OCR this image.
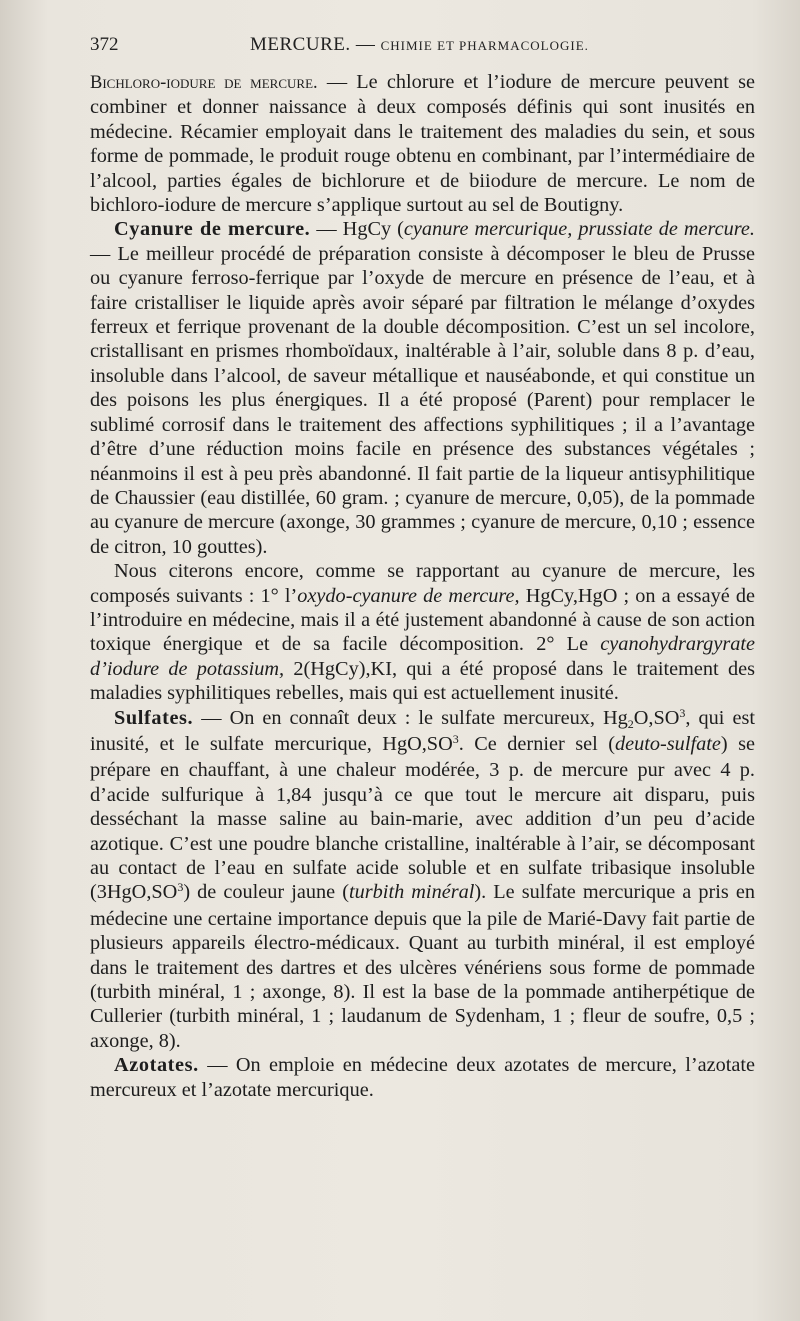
372	MERCURE. — CHIMIE ET PHARMACOLOGIE.

Bichloro-iodure de mercure. — Le chlorure et l’iodure de mercure peuvent se combiner et donner naissance à deux composés définis qui sont inusités en médecine. Récamier employait dans le traitement des maladies du sein, et sous forme de pommade, le produit rouge obtenu en combinant, par l’intermédiaire de l’alcool, parties égales de bichlorure et de biiodure de mercure. Le nom de bichloro-iodure de mercure s’applique surtout au sel de Boutigny.

Cyanure de mercure. — HgCy (cyanure mercurique, prussiate de mercure. — Le meilleur procédé de préparation consiste à décomposer le bleu de Prusse ou cyanure ferroso-ferrique par l’oxyde de mercure en présence de l’eau, et à faire cristalliser le liquide après avoir séparé par filtration le mélange d’oxydes ferreux et ferrique provenant de la double décomposition. C’est un sel incolore, cristallisant en prismes rhomboïdaux, inaltérable à l’air, soluble dans 8 p. d’eau, insoluble dans l’alcool, de saveur métallique et nauséabonde, et qui constitue un des poisons les plus énergiques. Il a été proposé (Parent) pour remplacer le sublimé corrosif dans le traitement des affections syphilitiques ; il a l’avantage d’être d’une réduction moins facile en présence des substances végétales ; néanmoins il est à peu près abandonné. Il fait partie de la liqueur antisyphilitique de Chaussier (eau distillée, 60 gram. ; cyanure de mercure, 0,05), de la pommade au cyanure de mercure (axonge, 30 grammes ; cyanure de mercure, 0,10 ; essence de citron, 10 gouttes).

Nous citerons encore, comme se rapportant au cyanure de mercure, les composés suivants : 1° l’oxydo-cyanure de mercure, HgCy,HgO ; on a essayé de l’introduire en médecine, mais il a été justement abandonné à cause de son action toxique énergique et de sa facile décomposition. 2° Le cyanohydrargyrate d’iodure de potassium, 2(HgCy),KI, qui a été proposé dans le traitement des maladies syphilitiques rebelles, mais qui est actuellement inusité.

Sulfates. — On en connaît deux : le sulfate mercureux, $Hg2O,SO^3$, qui est inusité, et le sulfate mercurique, $HgO,SO^3$. Ce dernier sel (deuto-sulfate) se prépare en chauffant, à une chaleur modérée, 3 p. de mercure pur avec 4 p. d’acide sulfurique à 1,84 jusqu’à ce que tout le mercure ait disparu, puis desséchant la masse saline au bain-marie, avec addition d’un peu d’acide azotique. C’est une poudre blanche cristalline, inaltérable à l’air, se décomposant au contact de l’eau en sulfate acide soluble et en sulfate tribasique insoluble $(3HgO,SO^3)$ de couleur jaune (turbith minéral). Le sulfate mercurique a pris en médecine une certaine importance depuis que la pile de Marié-Davy fait partie de plusieurs appareils électro-médicaux. Quant au turbith minéral, il est employé dans le traitement des dartres et des ulcères vénériens sous forme de pommade (turbith minéral, 1 ; axonge, 8). Il est la base de la pommade antiherpétique de Cullerier (turbith minéral, 1 ; laudanum de Sydenham, 1 ; fleur de soufre, 0,5 ; axonge, 8).

Azotates. — On emploie en médecine deux azotates de mercure, l’azotate mercureux et l’azotate mercurique.
